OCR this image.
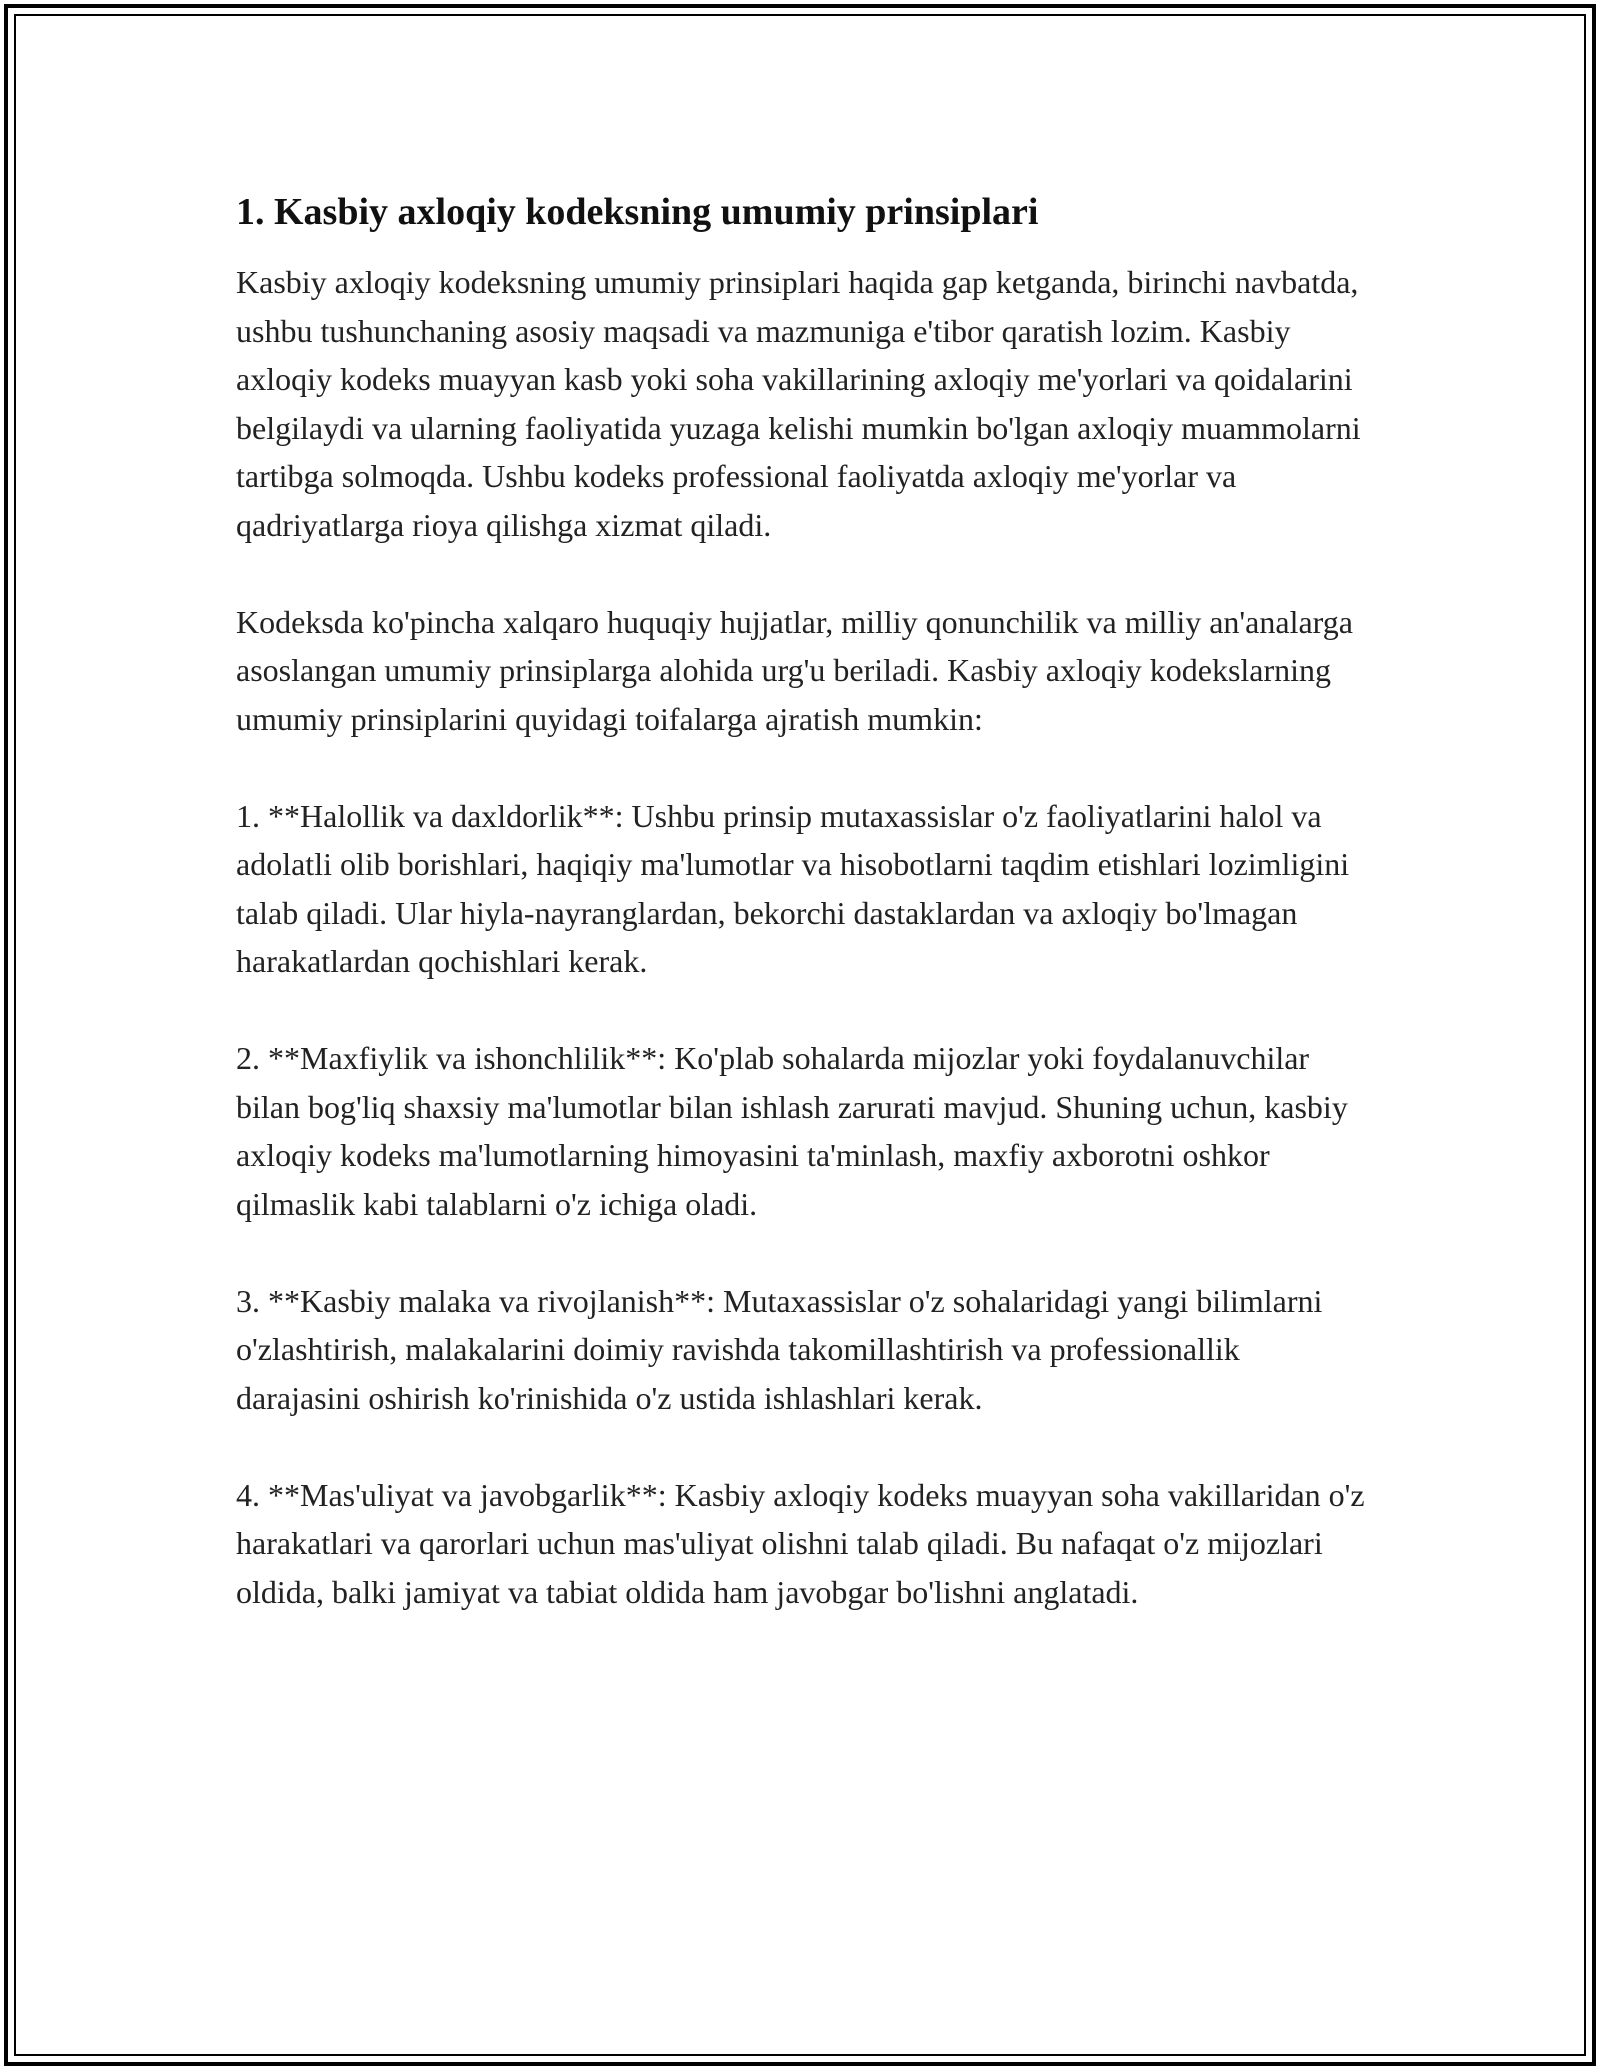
1. Kasbiy axloqiy kodeksning umumiy prinsiplari

Kasbiy axloqiy kodeksning umumiy prinsiplari haqida gap ketganda, birinchi navbatda, ushbu tushunchaning asosiy maqsadi va mazmuniga e'tibor qaratish lozim. Kasbiy axloqiy kodeks muayyan kasb yoki soha vakillarining axloqiy me'yorlari va qoidalarini belgilaydi va ularning faoliyatida yuzaga kelishi mumkin bo'lgan axloqiy muammolarni tartibga solmoqda. Ushbu kodeks professional faoliyatda axloqiy me'yorlar va qadriyatlarga rioya qilishga xizmat qiladi.

Kodeksda ko'pincha xalqaro huquqiy hujjatlar, milliy qonunchilik va milliy an'analarga asoslangan umumiy prinsiplarga alohida urg'u beriladi. Kasbiy axloqiy kodekslarning umumiy prinsiplarini quyidagi toifalarga ajratish mumkin:

1. **Halollik va daxldorlik**: Ushbu prinsip mutaxassislar o'z faoliyatlarini halol va adolatli olib borishlari, haqiqiy ma'lumotlar va hisobotlarni taqdim etishlari lozimligini talab qiladi. Ular hiyla-nayranglardan, bekorchi dastaklardan va axloqiy bo'lmagan harakatlardan qochishlari kerak.

2. **Maxfiylik va ishonchlilik**: Ko'plab sohalarda mijozlar yoki foydalanuvchilar bilan bog'liq shaxsiy ma'lumotlar bilan ishlash zarurati mavjud. Shuning uchun, kasbiy axloqiy kodeks ma'lumotlarning himoyasini ta'minlash, maxfiy axborotni oshkor qilmaslik kabi talablarni o'z ichiga oladi.

3. **Kasbiy malaka va rivojlanish**: Mutaxassislar o'z sohalaridagi yangi bilimlarni o'zlashtirish, malakalarini doimiy ravishda takomillashtirish va professionallik darajasini oshirish ko'rinishida o'z ustida ishlashlari kerak.

4. **Mas'uliyat va javobgarlik**: Kasbiy axloqiy kodeks muayyan soha vakillaridan o'z harakatlari va qarorlari uchun mas'uliyat olishni talab qiladi. Bu nafaqat o'z mijozlari oldida, balki jamiyat va tabiat oldida ham javobgar bo'lishni anglatadi.
